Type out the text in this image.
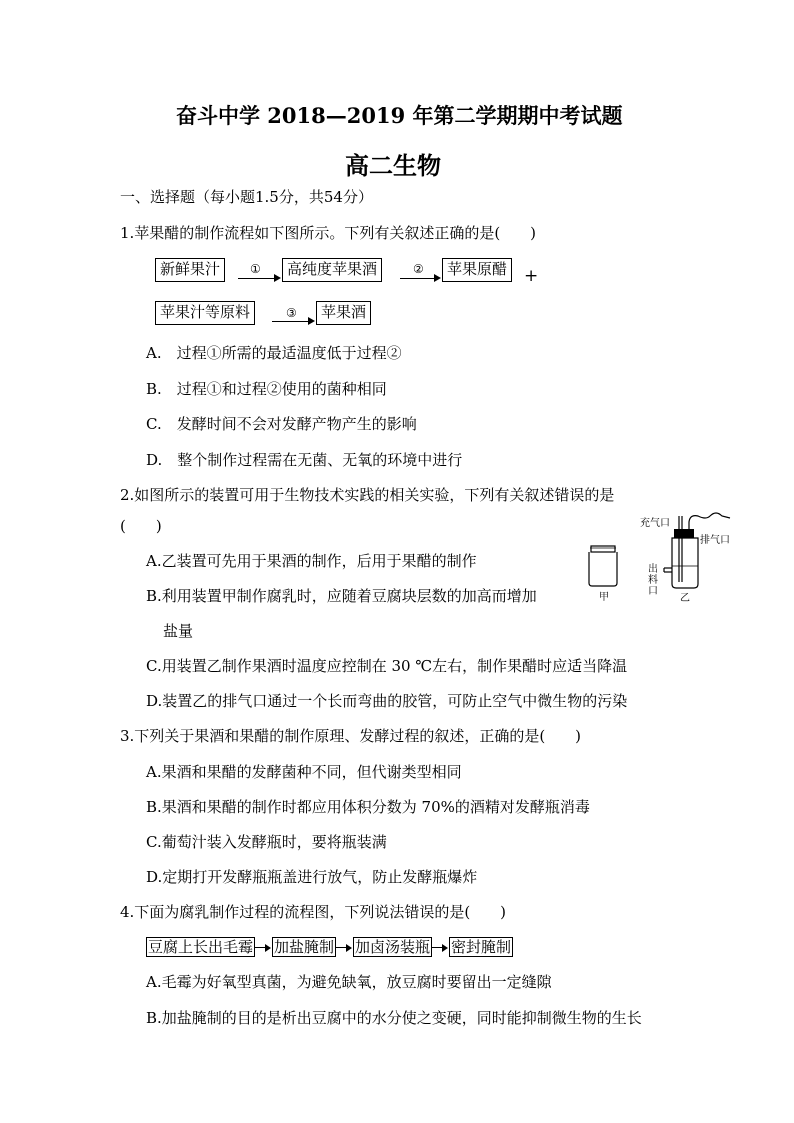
奋斗中学 2018—2019 年第二学期期中考试题
高二生物
一、选择题（每小题1.5分，共54分）
1.苹果醋的制作流程如下图所示。下列有关叙述正确的是(　　)
新鲜果汁	①	高纯度苹果酒	②	苹果原醋 +
苹果汁等原料	③	苹果酒
A.　过程①所需的最适温度低于过程②
B.　过程①和过程②使用的菌种相同
C.　发酵时间不会对发酵产物产生的影响
D.　整个制作过程需在无菌、无氧的环境中进行
2.如图所示的装置可用于生物技术实践的相关实验，下列有关叙述错误的是
(　　)
A.乙装置可先用于果酒的制作，后用于果醋的制作
B.利用装置甲制作腐乳时，应随着豆腐块层数的加高而增加
盐量
C.用装置乙制作果酒时温度应控制在 30 ℃左右，制作果醋时应适当降温
D.装置乙的排气口通过一个长而弯曲的胶管，可防止空气中微生物的污染
充气口
排气口
出
料
口
甲	乙
3.下列关于果酒和果醋的制作原理、发酵过程的叙述，正确的是(　　)
A.果酒和果醋的发酵菌种不同，但代谢类型相同
B.果酒和果醋的制作时都应用体积分数为 70%的酒精对发酵瓶消毒
C.葡萄汁装入发酵瓶时，要将瓶装满
D.定期打开发酵瓶瓶盖进行放气，防止发酵瓶爆炸
4.下面为腐乳制作过程的流程图，下列说法错误的是(　　)
豆腐上长出毛霉 加盐腌制 加卤汤装瓶 密封腌制
A.毛霉为好氧型真菌，为避免缺氧，放豆腐时要留出一定缝隙
B.加盐腌制的目的是析出豆腐中的水分使之变硬，同时能抑制微生物的生长
